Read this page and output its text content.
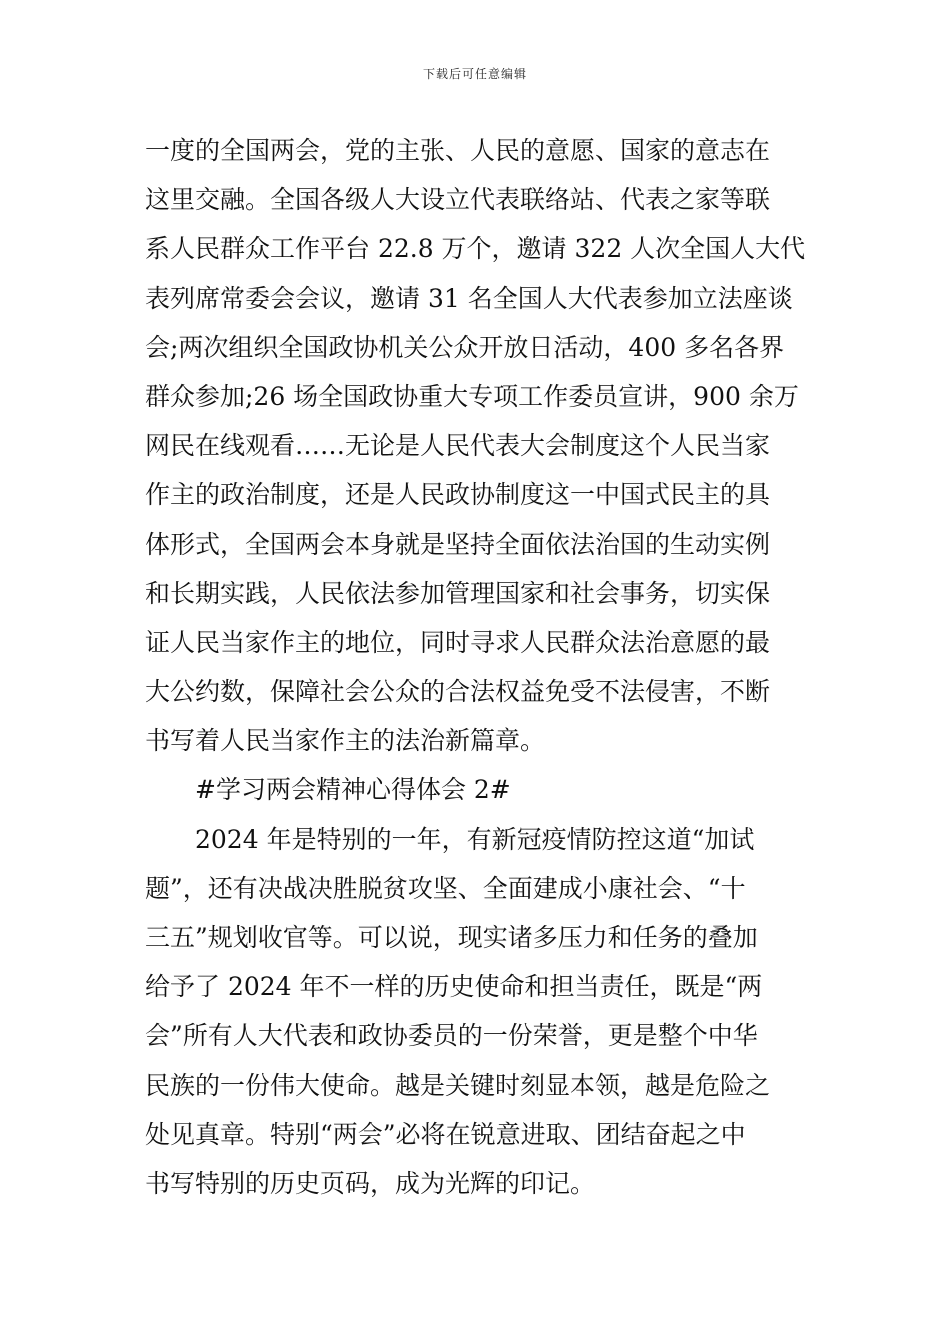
下载后可任意编辑
一度的全国两会，党的主张、人民的意愿、国家的意志在
这里交融。全国各级人大设立代表联络站、代表之家等联
系人民群众工作平台 22.8 万个，邀请 322 人次全国人大代
表列席常委会会议，邀请 31 名全国人大代表参加立法座谈
会;两次组织全国政协机关公众开放日活动，400 多名各界
群众参加;26 场全国政协重大专项工作委员宣讲，900 余万
网民在线观看……无论是人民代表大会制度这个人民当家
作主的政治制度，还是人民政协制度这一中国式民主的具
体形式，全国两会本身就是坚持全面依法治国的生动实例
和长期实践，人民依法参加管理国家和社会事务，切实保
证人民当家作主的地位，同时寻求人民群众法治意愿的最
大公约数，保障社会公众的合法权益免受不法侵害，不断
书写着人民当家作主的法治新篇章。
#学习两会精神心得体会 2#
2024 年是特别的一年，有新冠疫情防控这道“加试
题”，还有决战决胜脱贫攻坚、全面建成小康社会、“十
三五”规划收官等。可以说，现实诸多压力和任务的叠加
给予了 2024 年不一样的历史使命和担当责任，既是“两
会”所有人大代表和政协委员的一份荣誉，更是整个中华
民族的一份伟大使命。越是关键时刻显本领，越是危险之
处见真章。特别“两会”必将在锐意进取、团结奋起之中
书写特别的历史页码，成为光辉的印记。
